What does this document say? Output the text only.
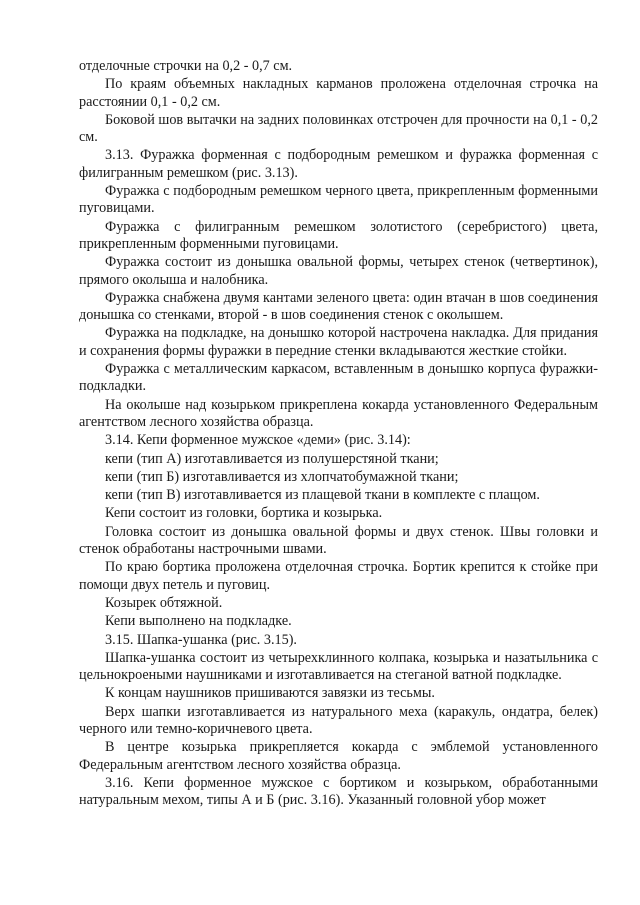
отделочные строчки на 0,2 - 0,7 см.

По краям объемных накладных карманов проложена отделочная строчка на расстоянии 0,1 - 0,2 см.

Боковой шов вытачки на задних половинках отстрочен для прочности на 0,1 - 0,2 см.

3.13. Фуражка форменная с подбородным ремешком и фуражка форменная с филигранным ремешком (рис. 3.13).

Фуражка с подбородным ремешком черного цвета, прикрепленным форменными пуговицами.

Фуражка с филигранным ремешком золотистого (серебристого) цвета, прикрепленным форменными пуговицами.

Фуражка состоит из донышка овальной формы, четырех стенок (четвертинок), прямого околыша и налобника.

Фуражка снабжена двумя кантами зеленого цвета: один втачан в шов соединения донышка со стенками, второй - в шов соединения стенок с околышем.

Фуражка на подкладке, на донышко которой настрочена накладка. Для придания и сохранения формы фуражки в передние стенки вкладываются жесткие стойки.

Фуражка с металлическим каркасом, вставленным в донышко корпуса фуражки-подкладки.

На околыше над козырьком прикреплена кокарда установленного Федеральным агентством лесного хозяйства образца.

3.14. Кепи форменное мужское «деми» (рис. 3.14):

кепи (тип А) изготавливается из полушерстяной ткани;

кепи (тип Б) изготавливается из хлопчатобумажной ткани;

кепи (тип В) изготавливается из плащевой ткани в комплекте с плащом.

Кепи состоит из головки, бортика и козырька.

Головка состоит из донышка овальной формы и двух стенок. Швы головки и стенок обработаны настрочными швами.

По краю бортика проложена отделочная строчка. Бортик крепится к стойке при помощи двух петель и пуговиц.

Козырек обтяжной.

Кепи выполнено на подкладке.

3.15. Шапка-ушанка (рис. 3.15).

Шапка-ушанка состоит из четырехклинного колпака, козырька и назатыльника с цельнокроеными наушниками и изготавливается на стеганой ватной подкладке.

К концам наушников пришиваются завязки из тесьмы.

Верх шапки изготавливается из натурального меха (каракуль, ондатра, белек) черного или темно-коричневого цвета.

В центре козырька прикрепляется кокарда с эмблемой установленного Федеральным агентством лесного хозяйства образца.

3.16. Кепи форменное мужское с бортиком и козырьком, обработанными натуральным мехом, типы А и Б (рис. 3.16). Указанный головной убор может
